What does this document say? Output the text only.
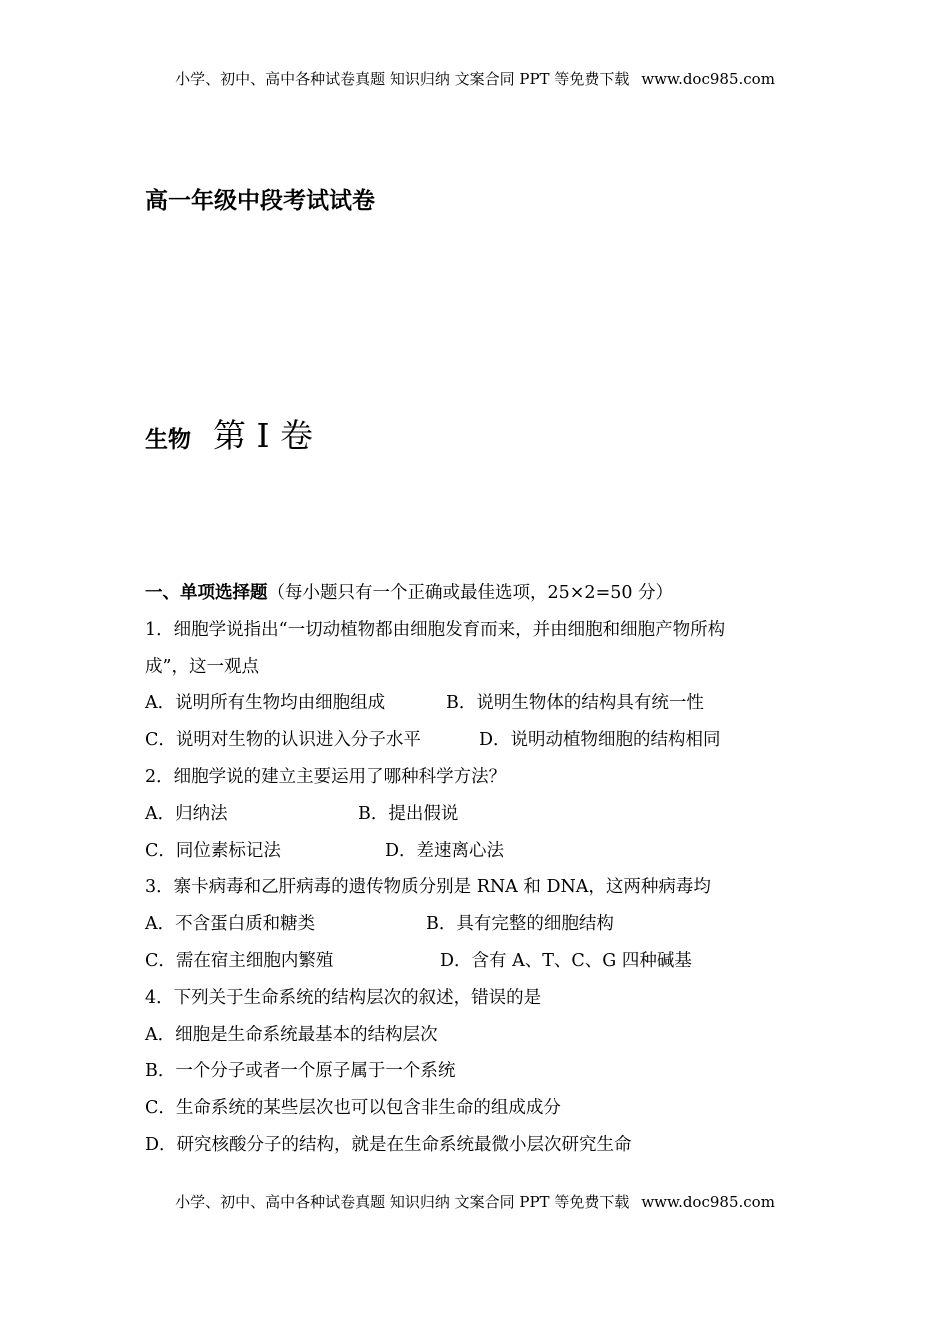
小学、初中、高中各种试卷真题 知识归纳 文案合同 PPT 等免费下载 www.doc985.com
高一年级中段考试试卷
生物 第 I 卷
一、单项选择题（每小题只有一个正确或最佳选项，25×2=50 分）
1．细胞学说指出“一切动植物都由细胞发育而来，并由细胞和细胞产物所构
成”，这一观点
A．说明所有生物均由细胞组成	B．说明生物体的结构具有统一性
C．说明对生物的认识进入分子水平	D．说明动植物细胞的结构相同
2．细胞学说的建立主要运用了哪种科学方法？
A．归纳法	B．提出假说
C．同位素标记法	D．差速离心法
3．寨卡病毒和乙肝病毒的遗传物质分别是 RNA 和 DNA，这两种病毒均
A．不含蛋白质和糖类	B．具有完整的细胞结构
C．需在宿主细胞内繁殖	D．含有 A、T、C、G 四种碱基
4．下列关于生命系统的结构层次的叙述，错误的是
A．细胞是生命系统最基本的结构层次
B．一个分子或者一个原子属于一个系统
C．生命系统的某些层次也可以包含非生命的组成成分
D．研究核酸分子的结构，就是在生命系统最微小层次研究生命
小学、初中、高中各种试卷真题 知识归纳 文案合同 PPT 等免费下载 www.doc985.com
